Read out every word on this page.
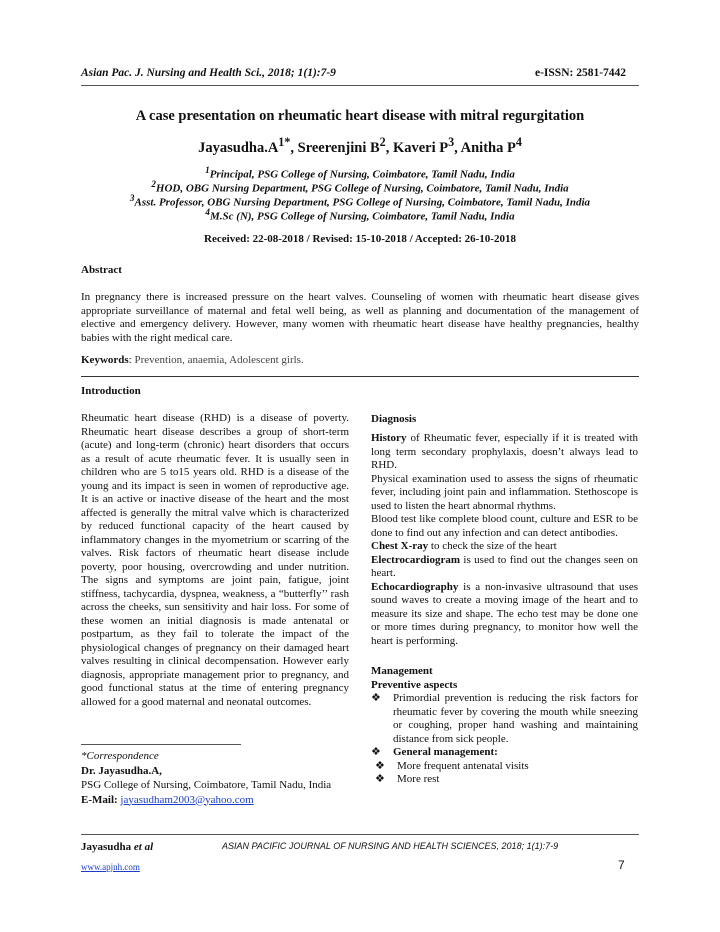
Asian Pac. J. Nursing and Health Sci., 2018; 1(1):7-9	e-ISSN: 2581-7442
A case presentation on rheumatic heart disease with mitral regurgitation
$Jayasudha.A^{1*}$, Sreerenjini $B^2$, Kaveri $P^3$, Anitha $P^4$
$^1$Principal, PSG College of Nursing, Coimbatore, Tamil Nadu, India
$^2$HOD, OBG Nursing Department, PSG College of Nursing, Coimbatore, Tamil Nadu, India
$^3$Asst. Professor, OBG Nursing Department, PSG College of Nursing, Coimbatore, Tamil Nadu, India
$^4$M.Sc (N), PSG College of Nursing, Coimbatore, Tamil Nadu, India
Received: 22-08-2018 / Revised: 15-10-2018 / Accepted: 26-10-2018
Abstract
In pregnancy there is increased pressure on the heart valves. Counseling of women with rheumatic heart disease gives appropriate surveillance of maternal and fetal well being, as well as planning and documentation of the management of elective and emergency delivery. However, many women with rheumatic heart disease have healthy pregnancies, healthy babies with the right medical care.
Keywords: Prevention, anaemia, Adolescent girls.
Introduction
Rheumatic heart disease (RHD) is a disease of poverty. Rheumatic heart disease describes a group of short-term (acute) and long-term (chronic) heart disorders that occurs as a result of acute rheumatic fever. It is usually seen in children who are 5 to15 years old. RHD is a disease of the young and its impact is seen in women of reproductive age. It is an active or inactive disease of the heart and the most affected is generally the mitral valve which is characterized by reduced functional capacity of the heart caused by inflammatory changes in the myometrium or scarring of the valves. Risk factors of rheumatic heart disease include poverty, poor housing, overcrowding and under nutrition. The signs and symptoms are joint pain, fatigue, joint stiffness, tachycardia, dyspnea, weakness, a “butterfly’’ rash across the cheeks, sun sensitivity and hair loss. For some of these women an initial diagnosis is made antenatal or postpartum, as they fail to tolerate the impact of the physiological changes of pregnancy on their damaged heart valves resulting in clinical decompensation. However early diagnosis, appropriate management prior to pregnancy, and good functional status at the time of entering pregnancy allowed for a good maternal and neonatal outcomes.
*Correspondence
Dr. Jayasudha.A,
PSG College of Nursing, Coimbatore, Tamil Nadu, India
E-Mail: jayasudham2003@yahoo.com
Diagnosis
History of Rheumatic fever, especially if it is treated with long term secondary prophylaxis, doesn’t always lead to RHD.
Physical examination used to assess the signs of rheumatic fever, including joint pain and inflammation. Stethoscope is used to listen the heart abnormal rhythms.
Blood test like complete blood count, culture and ESR to be done to find out any infection and can detect antibodies.
Chest X-ray to check the size of the heart
Electrocardiogram is used to find out the changes seen on heart.
Echocardiography is a non-invasive ultrasound that uses sound waves to create a moving image of the heart and to measure its size and shape. The echo test may be done one or more times during pregnancy, to monitor how well the heart is performing.
Management
Preventive aspects
❖	Primordial prevention is reducing the risk factors for rheumatic fever by covering the mouth while sneezing or coughing, proper hand washing and maintaining distance from sick people.
❖	General management:
❖	More frequent antenatal visits
❖	More rest
Jayasudha et al	ASIAN PACIFIC JOURNAL OF NURSING AND HEALTH SCIENCES, 2018; 1(1):7-9
www.apjnh.com	7
